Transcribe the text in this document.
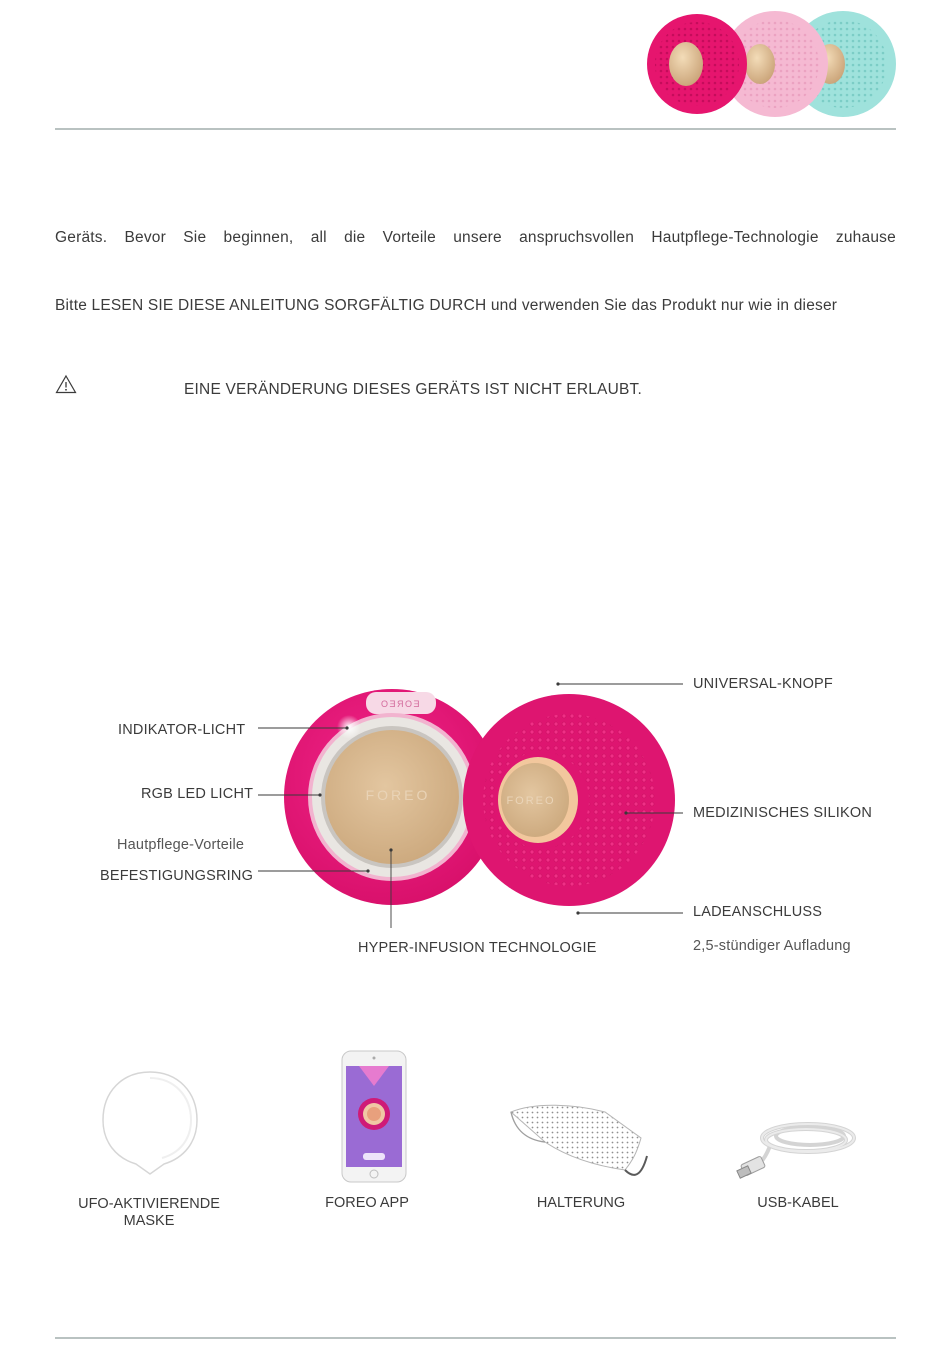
Geräts. Bevor Sie beginnen, all die Vorteile unsere anspruchsvollen Hautpflege-Technologie zuhause
Bitte LESEN SIE DIESE ANLEITUNG SORGFÄLTIG DURCH und verwenden Sie das Produkt nur wie in dieser
EINE VERÄNDERUNG DIESES GERÄTS IST NICHT ERLAUBT.
OƎЯOƎ
FOREO	FOREO
INDIKATOR-LICHT
RGB LED LICHT
Hautpflege-Vorteile
BEFESTIGUNGSRING
HYPER-INFUSION TECHNOLOGIE
UNIVERSAL-KNOPF
MEDIZINISCHES SILIKON
LADEANSCHLUSS
2,5-stündiger Aufladung
UFO-AKTIVIERENDE MASKE
FOREO APP	HALTERUNG	USB-KABEL
